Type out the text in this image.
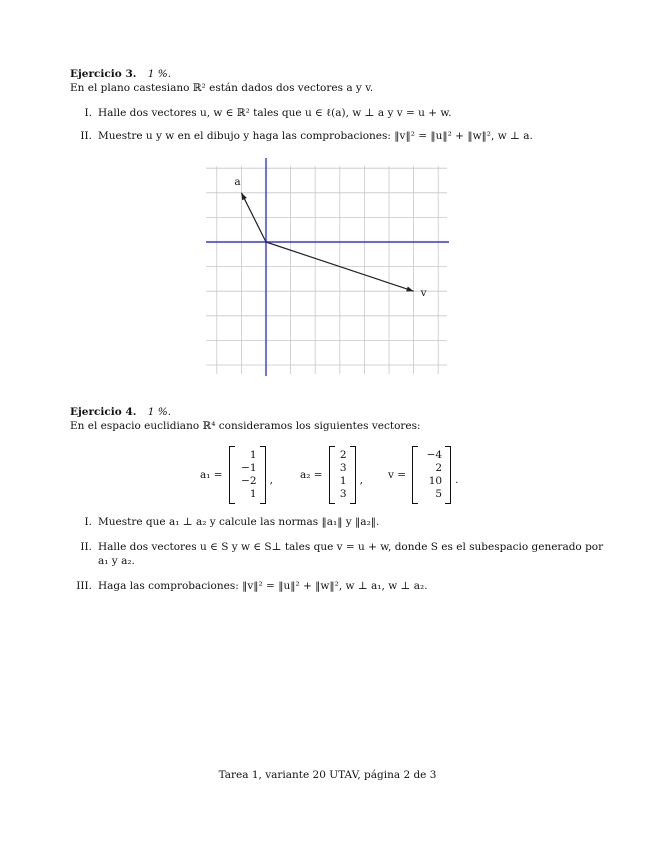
Ejercicio 3. 1 %.
En el plano castesiano ℝ² están dados dos vectores a y v.
I. Halle dos vectores u, w ∈ ℝ² tales que u ∈ ℓ(a), w ⊥ a y v = u + w.
II. Muestre u y w en el dibujo y haga las comprobaciones: ‖v‖² = ‖u‖² + ‖w‖², w ⊥ a.
a
v
Ejercicio 4. 1 %.
En el espacio euclidiano ℝ⁴ consideramos los siguientes vectores:
a₁ =
1
−1
−2
1
,	a₂ =
2
3
1
3
, v =
−4
2
10
5
.
I. Muestre que a₁ ⊥ a₂ y calcule las normas ‖a₁‖ y ‖a₂‖.
II. Halle dos vectores u ∈ S y w ∈ S⊥ tales que v = u + w, donde S es el subespacio generado por
a₁ y a₂.
III. Haga las comprobaciones: ‖v‖² = ‖u‖² + ‖w‖², w ⊥ a₁, w ⊥ a₂.
Tarea 1, variante 20 UTAV, página 2 de 3
